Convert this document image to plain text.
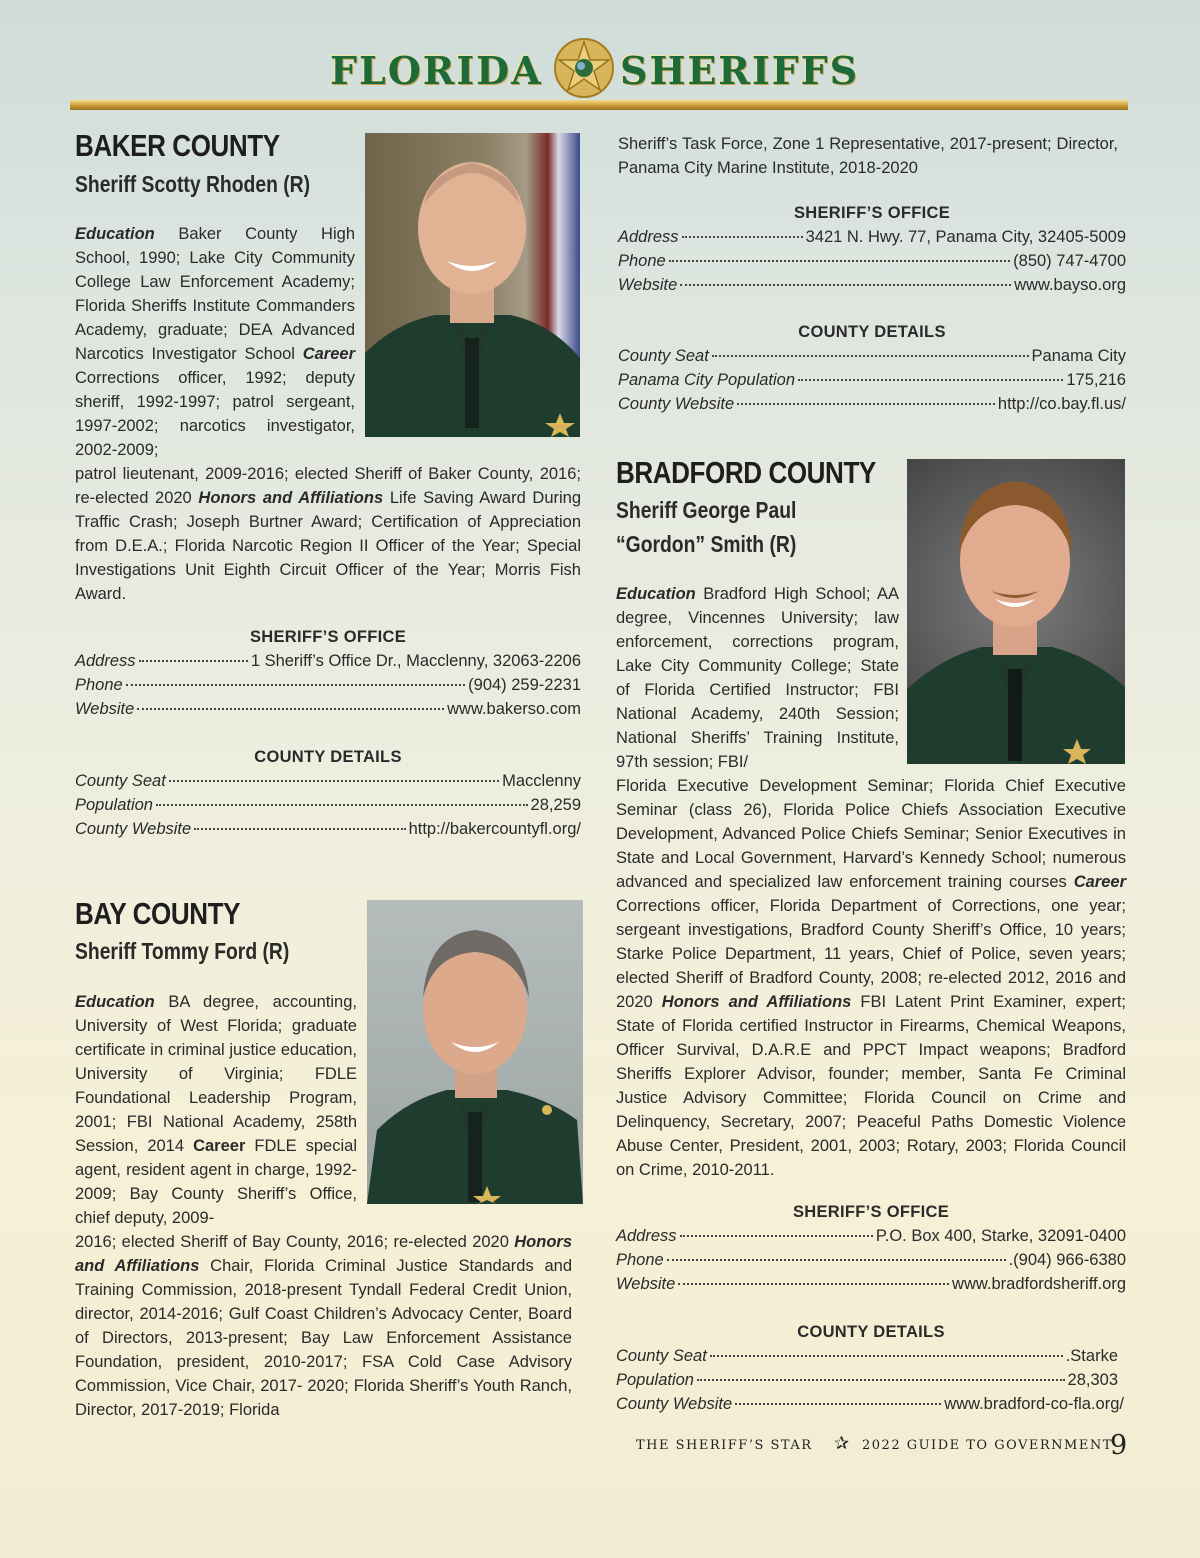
FLORIDA SHERIFFS
BAKER COUNTY
Sheriff Scotty Rhoden (R)
Education Baker County High School, 1990; Lake City Community College Law Enforcement Academy; Florida Sheriffs Institute Commanders Academy, graduate; DEA Advanced Narcotics Investigator School Career Corrections officer, 1992; deputy sheriff, 1992-1997; patrol sergeant, 1997-2002; narcotics investigator, 2002-2009;
patrol lieutenant, 2009-2016; elected Sheriff of Baker County, 2016; re-elected 2020 Honors and Affiliations Life Saving Award During Traffic Crash; Joseph Burtner Award; Certification of Appreciation from D.E.A.; Florida Narcotic Region II Officer of the Year; Special Investigations Unit Eighth Circuit Officer of the Year; Morris Fish Award.
SHERIFF’S OFFICE
Address	1 Sheriff’s Office Dr., Macclenny, 32063-2206
Phone	(904) 259-2231
Website	www.bakerso.com
COUNTY DETAILS
County Seat	Macclenny
Population	28,259
County Website	http://bakercountyfl.org/
BAY COUNTY
Sheriff Tommy Ford (R)
Education BA degree, accounting, University of West Florida; graduate certificate in criminal justice education, University of Virginia; FDLE Foundational Leadership Program, 2001; FBI National Academy, 258th Session, 2014 Career FDLE special agent, resident agent in charge, 1992-2009; Bay County Sheriff’s Office, chief deputy, 2009-
2016; elected Sheriff of Bay County, 2016; re-elected 2020 Honors and Affiliations Chair, Florida Criminal Justice Standards and Training Commission, 2018-present Tyndall Federal Credit Union, director, 2014-2016; Gulf Coast Children’s Advocacy Center, Board of Directors, 2013-present; Bay Law Enforcement Assistance Foundation, president, 2010-2017; FSA Cold Case Advisory Commission, Vice Chair, 2017- 2020; Florida Sheriff’s Youth Ranch, Director, 2017-2019; Florida
Sheriff’s Task Force, Zone 1 Representative, 2017-present; Director, Panama City Marine Institute, 2018-2020
SHERIFF’S OFFICE
Address	3421 N. Hwy. 77, Panama City, 32405-5009
Phone	(850) 747-4700
Website	www.bayso.org
COUNTY DETAILS
County Seat	Panama City
Panama City Population	175,216
County Website	http://co.bay.fl.us/
BRADFORD COUNTY
Sheriff George Paul
“Gordon” Smith (R)
Education Bradford High School; AA degree, Vincennes University; law enforcement, corrections program, Lake City Community College; State of Florida Certified Instructor; FBI National Academy, 240th Session; National Sheriffs’ Training Institute, 97th session; FBI/
Florida Executive Development Seminar; Florida Chief Executive Seminar (class 26), Florida Police Chiefs Association Executive Development, Advanced Police Chiefs Seminar; Senior Executives in State and Local Government, Harvard’s Kennedy School; numerous advanced and specialized law enforcement training courses Career Corrections officer, Florida Department of Corrections, one year; sergeant investigations, Bradford County Sheriff’s Office, 10 years; Starke Police Department, 11 years, Chief of Police, seven years; elected Sheriff of Bradford County, 2008; re-elected 2012, 2016 and 2020 Honors and Affiliations FBI Latent Print Examiner, expert; State of Florida certified Instructor in Firearms, Chemical Weapons, Officer Survival, D.A.R.E and PPCT Impact weapons; Bradford Sheriffs Explorer Advisor, founder; member, Santa Fe Criminal Justice Advisory Committee; Florida Council on Crime and Delinquency, Secretary, 2007; Peaceful Paths Domestic Violence Abuse Center, President, 2001, 2003; Rotary, 2003; Florida Council on Crime, 2010-2011.
SHERIFF’S OFFICE
Address	P.O. Box 400, Starke, 32091-0400
Phone	.(904) 966-6380
Website	www.bradfordsheriff.org
COUNTY DETAILS
County Seat	.Starke
Population	28,303
County Website	www.bradford-co-fla.org/
THE SHERIFF’S STAR ✰ 2022 GUIDE TO GOVERNMENT
9
